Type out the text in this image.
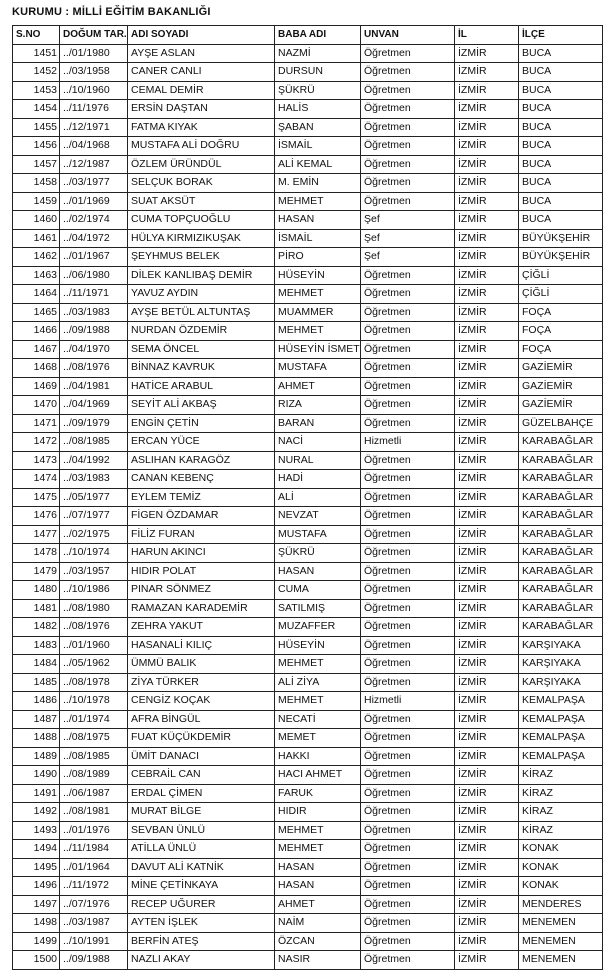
KURUMU : MİLLİ EĞİTİM BAKANLIĞI
S.NO	DOĞUM TAR.	ADI SOYADI	BABA ADI	UNVAN	İL	İLÇE
1451	../01/1980	AYŞE ASLAN	NAZMİ	Öğretmen	İZMİR	BUCA
1452	../03/1958	CANER CANLI	DURSUN	Öğretmen	İZMİR	BUCA
1453	../10/1960	CEMAL DEMİR	ŞÜKRÜ	Öğretmen	İZMİR	BUCA
1454	../11/1976	ERSİN DAŞTAN	HALİS	Öğretmen	İZMİR	BUCA
1455	../12/1971	FATMA KIYAK	ŞABAN	Öğretmen	İZMİR	BUCA
1456	../04/1968	MUSTAFA ALİ DOĞRU	İSMAİL	Öğretmen	İZMİR	BUCA
1457	../12/1987	ÖZLEM ÜRÜNDÜL	ALİ KEMAL	Öğretmen	İZMİR	BUCA
1458	../03/1977	SELÇUK BORAK	M. EMİN	Öğretmen	İZMİR	BUCA
1459	../01/1969	SUAT AKSÜT	MEHMET	Öğretmen	İZMİR	BUCA
1460	../02/1974	CUMA TOPÇUOĞLU	HASAN	Şef	İZMİR	BUCA
1461	../04/1972	HÜLYA KIRMIZIKUŞAK	İSMAİL	Şef	İZMİR	BÜYÜKŞEHİR
1462	../01/1967	ŞEYHMUS BELEK	PİRO	Şef	İZMİR	BÜYÜKŞEHİR
1463	../06/1980	DİLEK KANLIBAŞ DEMİR	HÜSEYİN	Öğretmen	İZMİR	ÇİĞLİ
1464	../11/1971	YAVUZ AYDIN	MEHMET	Öğretmen	İZMİR	ÇİĞLİ
1465	../03/1983	AYŞE BETÜL ALTUNTAŞ	MUAMMER	Öğretmen	İZMİR	FOÇA
1466	../09/1988	NURDAN ÖZDEMİR	MEHMET	Öğretmen	İZMİR	FOÇA
1467	../04/1970	SEMA ÖNCEL	HÜSEYİN İSMET	Öğretmen	İZMİR	FOÇA
1468	../08/1976	BİNNAZ KAVRUK	MUSTAFA	Öğretmen	İZMİR	GAZİEMİR
1469	../04/1981	HATİCE ARABUL	AHMET	Öğretmen	İZMİR	GAZİEMİR
1470	../04/1969	SEYİT ALİ AKBAŞ	RIZA	Öğretmen	İZMİR	GAZİEMİR
1471	../09/1979	ENGİN ÇETİN	BARAN	Öğretmen	İZMİR	GÜZELBAHÇE
1472	../08/1985	ERCAN YÜCE	NACİ	Hizmetli	İZMİR	KARABAĞLAR
1473	../04/1992	ASLIHAN KARAGÖZ	NURAL	Öğretmen	İZMİR	KARABAĞLAR
1474	../03/1983	CANAN KEBENÇ	HADİ	Öğretmen	İZMİR	KARABAĞLAR
1475	../05/1977	EYLEM TEMİZ	ALİ	Öğretmen	İZMİR	KARABAĞLAR
1476	../07/1977	FİGEN ÖZDAMAR	NEVZAT	Öğretmen	İZMİR	KARABAĞLAR
1477	../02/1975	FİLİZ FURAN	MUSTAFA	Öğretmen	İZMİR	KARABAĞLAR
1478	../10/1974	HARUN AKINCI	ŞÜKRÜ	Öğretmen	İZMİR	KARABAĞLAR
1479	../03/1957	HIDIR POLAT	HASAN	Öğretmen	İZMİR	KARABAĞLAR
1480	../10/1986	PINAR SÖNMEZ	CUMA	Öğretmen	İZMİR	KARABAĞLAR
1481	../08/1980	RAMAZAN KARADEMİR	SATILMIŞ	Öğretmen	İZMİR	KARABAĞLAR
1482	../08/1976	ZEHRA YAKUT	MUZAFFER	Öğretmen	İZMİR	KARABAĞLAR
1483	../01/1960	HASANALİ KILIÇ	HÜSEYİN	Öğretmen	İZMİR	KARŞIYAKA
1484	../05/1962	ÜMMÜ BALIK	MEHMET	Öğretmen	İZMİR	KARŞIYAKA
1485	../08/1978	ZİYA TÜRKER	ALİ ZİYA	Öğretmen	İZMİR	KARŞIYAKA
1486	../10/1978	CENGİZ KOÇAK	MEHMET	Hizmetli	İZMİR	KEMALPAŞA
1487	../01/1974	AFRA BİNGÜL	NECATİ	Öğretmen	İZMİR	KEMALPAŞA
1488	../08/1975	FUAT KÜÇÜKDEMİR	MEMET	Öğretmen	İZMİR	KEMALPAŞA
1489	../08/1985	ÜMİT DANACI	HAKKI	Öğretmen	İZMİR	KEMALPAŞA
1490	../08/1989	CEBRAİL CAN	HACI AHMET	Öğretmen	İZMİR	KİRAZ
1491	../06/1987	ERDAL ÇİMEN	FARUK	Öğretmen	İZMİR	KİRAZ
1492	../08/1981	MURAT BİLGE	HIDIR	Öğretmen	İZMİR	KİRAZ
1493	../01/1976	SEVBAN ÜNLÜ	MEHMET	Öğretmen	İZMİR	KİRAZ
1494	../11/1984	ATİLLA ÜNLÜ	MEHMET	Öğretmen	İZMİR	KONAK
1495	../01/1964	DAVUT ALİ KATNİK	HASAN	Öğretmen	İZMİR	KONAK
1496	../11/1972	MİNE ÇETİNKAYA	HASAN	Öğretmen	İZMİR	KONAK
1497	../07/1976	RECEP UĞURER	AHMET	Öğretmen	İZMİR	MENDERES
1498	../03/1987	AYTEN İŞLEK	NAİM	Öğretmen	İZMİR	MENEMEN
1499	../10/1991	BERFİN ATEŞ	ÖZCAN	Öğretmen	İZMİR	MENEMEN
1500	../09/1988	NAZLI AKAY	NASIR	Öğretmen	İZMİR	MENEMEN
